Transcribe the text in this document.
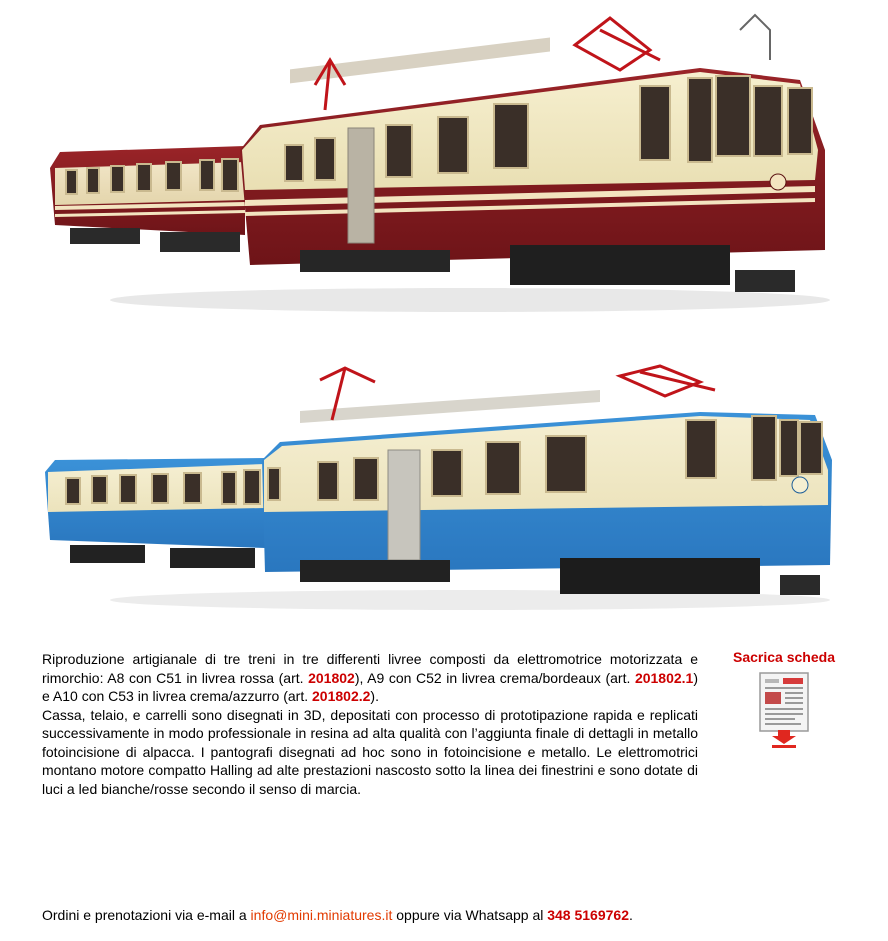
Riproduzione artigianale di tre treni in tre differenti livree composti da elettromotrice motorizzata e rimorchio: A8 con C51 in livrea rossa (art. 201802), A9 con C52 in livrea crema/bordeaux (art. 201802.1) e A10 con C53 in livrea crema/azzurro (art. 201802.2).

Cassa, telaio, e carrelli sono disegnati in 3D, depositati con processo di prototipazione rapida e replicati successivamente in modo professionale in resina ad alta qualità con l’aggiunta finale di dettagli in metallo fotoincisione di alpacca. I pantografi disegnati ad hoc sono in fotoincisione e metallo. Le elettromotrici montano motore compatto Halling ad alte prestazioni nascosto sotto la linea dei finestrini e sono dotate di luci a led bianche/rosse secondo il senso di marcia.

Sacrica scheda
Ordini e prenotazioni via e-mail a info@mini.miniatures.it oppure via Whatsapp al 348 5169762.
